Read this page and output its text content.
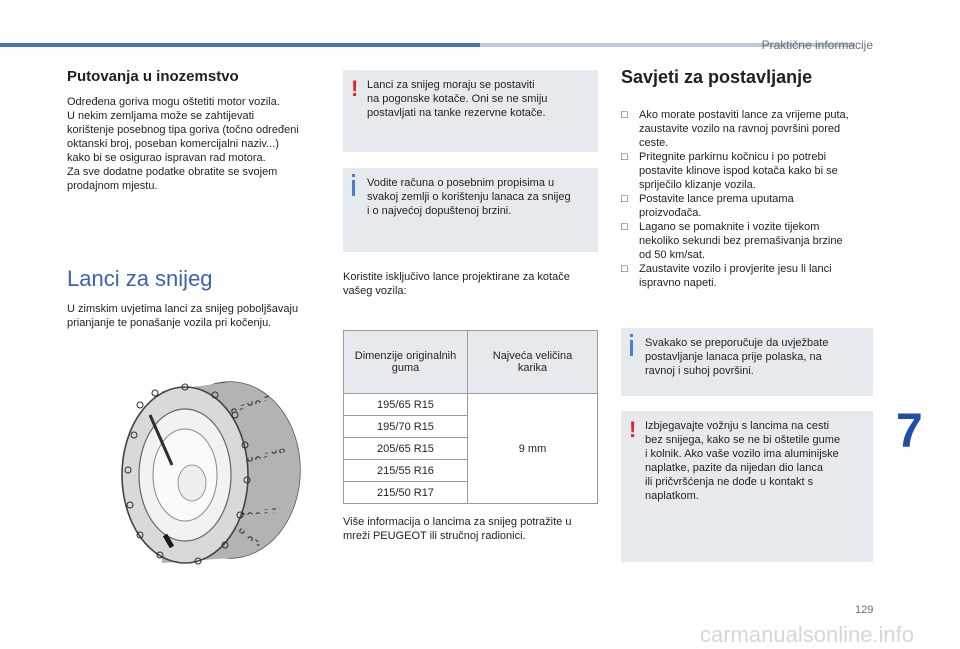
Praktične informacije
7
129
carmanualsonline.info
Putovanja u inozemstvo

Određena goriva mogu oštetiti motor vozila.
U nekim zemljama može se zahtijevati
korištenje posebnog tipa goriva (točno određeni
oktanski broj, poseban komercijalni naziv...)
kako bi se osigurao ispravan rad motora.
Za sve dodatne podatke obratite se svojem
prodajnom mjestu.

Lanci za snijeg
U zimskim uvjetima lanci za snijeg poboljšavaju
prianjanje te ponašanje vozila pri kočenju.
! Lanci za snijeg moraju se postaviti
na pogonske kotače. Oni se ne smiju
postavljati na tanke rezervne kotače.
Vodite računa o posebnim propisima u
svakoj zemlji o korištenju lanaca za snijeg
i o najvećoj dopuštenoj brzini.
Koristite isključivo lance projektirane za kotače
vašeg vozila:
Dimenzije originalnih
guma	Najveća veličina
karika

195/65 R15	9 mm
195/70 R15	
205/65 R15	
215/55 R16	
215/50 R17	
Više informacija o lancima za snijeg potražite u
mreži PEUGEOT ili stručnoj radionici.
Savjeti za postavljanje
□ Ako morate postaviti lance za vrijeme puta,
zaustavite vozilo na ravnoj površini pored
ceste.
□ Pritegnite parkirnu kočnicu i po potrebi
postavite klinove ispod kotača kako bi se
spriječilo klizanje vozila.
□ Postavite lance prema uputama
proizvođača.
□ Lagano se pomaknite i vozite tijekom
nekoliko sekundi bez premašivanja brzine
od 50 km/sat.
□ Zaustavite vozilo i provjerite jesu li lanci
ispravno napeti.
Svakako se preporučuje da uvježbate
postavljanje lanaca prije polaska, na
ravnoj i suhoj površini.
! Izbjegavajte vožnju s lancima na cesti
bez snijega, kako se ne bi oštetile gume
i kolnik. Ako vaše vozilo ima aluminijske
naplatke, pazite da nijedan dio lanca
ili pričvršćenja ne dođe u kontakt s
naplatkom.
